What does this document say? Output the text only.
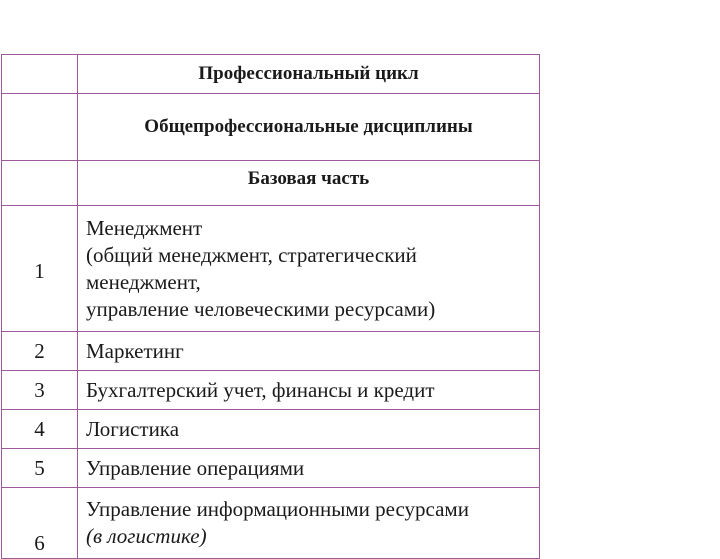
	Профессиональный цикл
	Общепрофессиональные дисциплины

	Базовая часть

1	Менеджмент
(общий менеджмент, стратегический
менеджмент,
управление человеческими ресурсами)

2	Маркетинг
3	Бухгалтерский учет, финансы и кредит
4	Логистика
5	Управление операциями
6	Управление информационными ресурсами
(в логистике)
